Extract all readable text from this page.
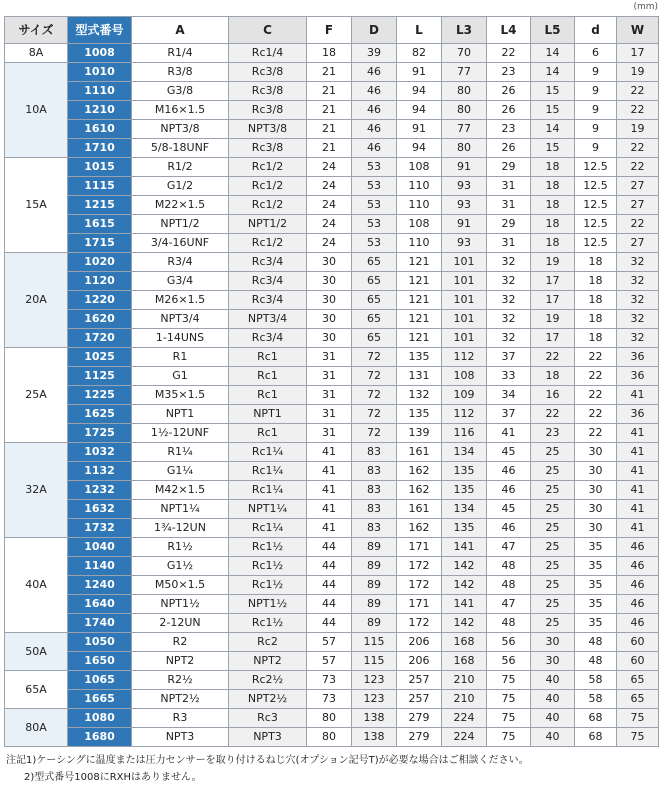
(mm)
サイズ	型式番号	A	C	F	D	L	L3	L4	L5	d	W
8A	1008	R1/4	Rc1/4	18	39	82	70	22	14	6	17
10A	1010	R3/8	Rc3/8	21	46	91	77	23	14	9	19
	1110	G3/8	Rc3/8	21	46	94	80	26	15	9	22
	1210	M16×1.5	Rc3/8	21	46	94	80	26	15	9	22
	1610	NPT3/8	NPT3/8	21	46	91	77	23	14	9	19
	1710	5/8-18UNF	Rc3/8	21	46	94	80	26	15	9	22
15A	1015	R1/2	Rc1/2	24	53	108	91	29	18	12.5	22
	1115	G1/2	Rc1/2	24	53	110	93	31	18	12.5	27
	1215	M22×1.5	Rc1/2	24	53	110	93	31	18	12.5	27
	1615	NPT1/2	NPT1/2	24	53	108	91	29	18	12.5	22
	1715	3/4-16UNF	Rc1/2	24	53	110	93	31	18	12.5	27
20A	1020	R3/4	Rc3/4	30	65	121	101	32	19	18	32
	1120	G3/4	Rc3/4	30	65	121	101	32	17	18	32
	1220	M26×1.5	Rc3/4	30	65	121	101	32	17	18	32
	1620	NPT3/4	NPT3/4	30	65	121	101	32	19	18	32
	1720	1-14UNS	Rc3/4	30	65	121	101	32	17	18	32
25A	1025	R1	Rc1	31	72	135	112	37	22	22	36
	1125	G1	Rc1	31	72	131	108	33	18	22	36
	1225	M35×1.5	Rc1	31	72	132	109	34	16	22	41
	1625	NPT1	NPT1	31	72	135	112	37	22	22	36
	1725	1½-12UNF	Rc1	31	72	139	116	41	23	22	41
32A	1032	R1¼	Rc1¼	41	83	161	134	45	25	30	41
	1132	G1¼	Rc1¼	41	83	162	135	46	25	30	41
	1232	M42×1.5	Rc1¼	41	83	162	135	46	25	30	41
	1632	NPT1¼	NPT1¼	41	83	161	134	45	25	30	41
	1732	1¾-12UN	Rc1¼	41	83	162	135	46	25	30	41
40A	1040	R1½	Rc1½	44	89	171	141	47	25	35	46
	1140	G1½	Rc1½	44	89	172	142	48	25	35	46
	1240	M50×1.5	Rc1½	44	89	172	142	48	25	35	46
	1640	NPT1½	NPT1½	44	89	171	141	47	25	35	46
	1740	2-12UN	Rc1½	44	89	172	142	48	25	35	46
50A	1050	R2	Rc2	57	115	206	168	56	30	48	60
	1650	NPT2	NPT2	57	115	206	168	56	30	48	60
65A	1065	R2½	Rc2½	73	123	257	210	75	40	58	65
	1665	NPT2½	NPT2½	73	123	257	210	75	40	58	65
80A	1080	R3	Rc3	80	138	279	224	75	40	68	75
	1680	NPT3	NPT3	80	138	279	224	75	40	68	75
注記1)ケーシングに温度または圧力センサーを取り付けるねじ穴(オプション記号T)が必要な場合はご相談ください。
2)型式番号1008にRXHはありません。
